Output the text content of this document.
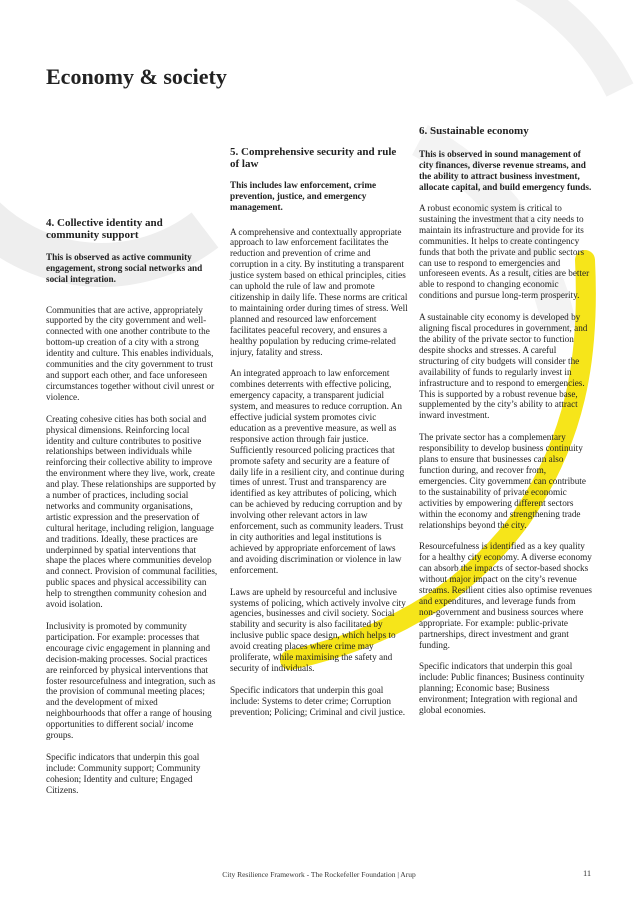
Economy & society
4. Collective identity and community support
This is observed as active community engagement, strong social networks and social integration.

Communities that are active, appropriately supported by the city government and well-connected with one another contribute to the bottom-up creation of a city with a strong identity and culture. This enables individuals, communities and the city government to trust and support each other, and face unforeseen circumstances together without civil unrest or violence.

Creating cohesive cities has both social and physical dimensions. Reinforcing local identity and culture contributes to positive relationships between individuals while reinforcing their collective ability to improve the environment where they live, work, create and play. These relationships are supported by a number of practices, including social networks and community organisations, artistic expression and the preservation of cultural heritage, including religion, language and traditions. Ideally, these practices are underpinned by spatial interventions that shape the places where communities develop and connect. Provision of communal facilities, public spaces and physical accessibility can help to strengthen community cohesion and avoid isolation.

Inclusivity is promoted by community participation. For example: processes that encourage civic engagement in planning and decision-making processes. Social practices are reinforced by physical interventions that foster resourcefulness and integration, such as the provision of communal meeting places; and the development of mixed neighbourhoods that offer a range of housing opportunities to different social/ income groups.

Specific indicators that underpin this goal include: Community support; Community cohesion; Identity and culture; Engaged Citizens.

5. Comprehensive security and rule of law
This includes law enforcement, crime prevention, justice, and emergency management.

A comprehensive and contextually appropriate approach to law enforcement facilitates the reduction and prevention of crime and corruption in a city. By instituting a transparent justice system based on ethical principles, cities can uphold the rule of law and promote citizenship in daily life. These norms are critical to maintaining order during times of stress. Well planned and resourced law enforcement facilitates peaceful recovery, and ensures a healthy population by reducing crime-related injury, fatality and stress.

An integrated approach to law enforcement combines deterrents with effective policing, emergency capacity, a transparent judicial system, and measures to reduce corruption. An effective judicial system promotes civic education as a preventive measure, as well as responsive action through fair justice. Sufficiently resourced policing practices that promote safety and security are a feature of daily life in a resilient city, and continue during times of unrest. Trust and transparency are identified as key attributes of policing, which can be achieved by reducing corruption and by involving other relevant actors in law enforcement, such as community leaders. Trust in city authorities and legal institutions is achieved by appropriate enforcement of laws and avoiding discrimination or violence in law enforcement.

Laws are upheld by resourceful and inclusive systems of policing, which actively involve city agencies, businesses and civil society. Social stability and security is also facilitated by inclusive public space design, which helps to avoid creating places where crime may proliferate, while maximising the safety and security of individuals.

Specific indicators that underpin this goal include: Systems to deter crime; Corruption prevention; Policing; Criminal and civil justice.

6. Sustainable economy
This is observed in sound management of city finances, diverse revenue streams, and the ability to attract business investment, allocate capital, and build emergency funds.

A robust economic system is critical to sustaining the investment that a city needs to maintain its infrastructure and provide for its communities. It helps to create contingency funds that both the private and public sectors can use to respond to emergencies and unforeseen events. As a result, cities are better able to respond to changing economic conditions and pursue long-term prosperity.

A sustainable city economy is developed by aligning fiscal procedures in government, and the ability of the private sector to function despite shocks and stresses. A careful structuring of city budgets will consider the availability of funds to regularly invest in infrastructure and to respond to emergencies. This is supported by a robust revenue base, supplemented by the city’s ability to attract inward investment.

The private sector has a complementary responsibility to develop business continuity plans to ensure that businesses can also function during, and recover from, emergencies. City government can contribute to the sustainability of private economic activities by empowering different sectors within the economy and strengthening trade relationships beyond the city.

Resourcefulness is identified as a key quality for a healthy city economy. A diverse economy can absorb the impacts of sector-based shocks without major impact on the city’s revenue streams. Resilient cities also optimise revenues and expenditures, and leverage funds from non-government and business sources where appropriate. For example: public-private partnerships, direct investment and grant funding.

Specific indicators that underpin this goal include: Public finances; Business continuity planning; Economic base; Business environment; Integration with regional and global economies.

City Resilience Framework - The Rockefeller Foundation | Arup	11
